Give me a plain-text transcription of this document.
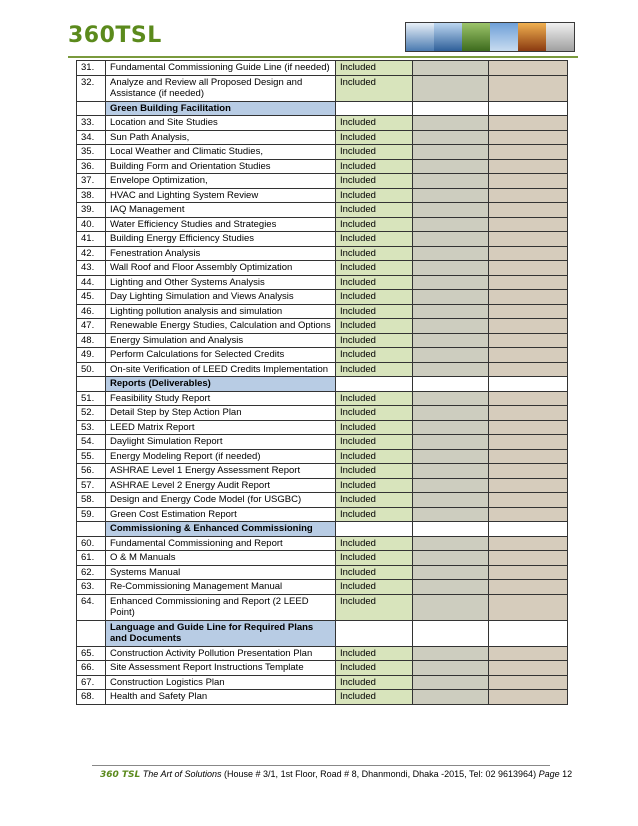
360TSL
31.	Fundamental Commissioning Guide Line (if needed)	Included		
32.	Analyze and Review all Proposed Design and Assistance (if needed)	Included		
	Green Building Facilitation			
33.	Location and Site Studies	Included		
34.	Sun Path Analysis,	Included		
35.	Local Weather and Climatic Studies,	Included		
36.	Building Form and Orientation Studies	Included		
37.	Envelope Optimization,	Included		
38.	HVAC and Lighting System Review	Included		
39.	IAQ Management	Included		
40.	Water Efficiency Studies and Strategies	Included		
41.	Building Energy Efficiency Studies	Included		
42.	Fenestration Analysis	Included		
43.	Wall Roof and Floor Assembly Optimization	Included		
44.	Lighting and Other Systems Analysis	Included		
45.	Day Lighting Simulation and Views Analysis	Included		
46.	Lighting pollution analysis and simulation	Included		
47.	Renewable Energy Studies, Calculation and Options	Included		
48.	Energy Simulation and Analysis	Included		
49.	Perform Calculations for Selected Credits	Included		
50.	On-site Verification of LEED Credits Implementation	Included		
	Reports (Deliverables)			
51.	Feasibility Study Report	Included		
52.	Detail Step by Step Action Plan	Included		
53.	LEED Matrix Report	Included		
54.	Daylight Simulation Report	Included		
55.	Energy Modeling Report (if needed)	Included		
56.	ASHRAE Level 1 Energy Assessment Report	Included		
57.	ASHRAE Level 2 Energy Audit Report	Included		
58.	Design and Energy Code Model (for USGBC)	Included		
59.	Green Cost Estimation Report	Included		
	Commissioning & Enhanced Commissioning			
60.	Fundamental Commissioning and Report	Included		
61.	O & M Manuals	Included		
62.	Systems Manual	Included		
63.	Re-Commissioning Management Manual	Included		
64.	Enhanced Commissioning and Report (2 LEED Point)	Included		
	Language and Guide Line for Required Plans and Documents			
65.	Construction Activity Pollution Presentation Plan	Included		
66.	Site Assessment Report Instructions Template	Included		
67.	Construction Logistics Plan	Included		
68.	Health and Safety Plan	Included		
360 TSL The Art of Solutions (House # 3/1, 1st Floor, Road # 8, Dhanmondi, Dhaka -2015, Tel: 02 9613964) Page 12
